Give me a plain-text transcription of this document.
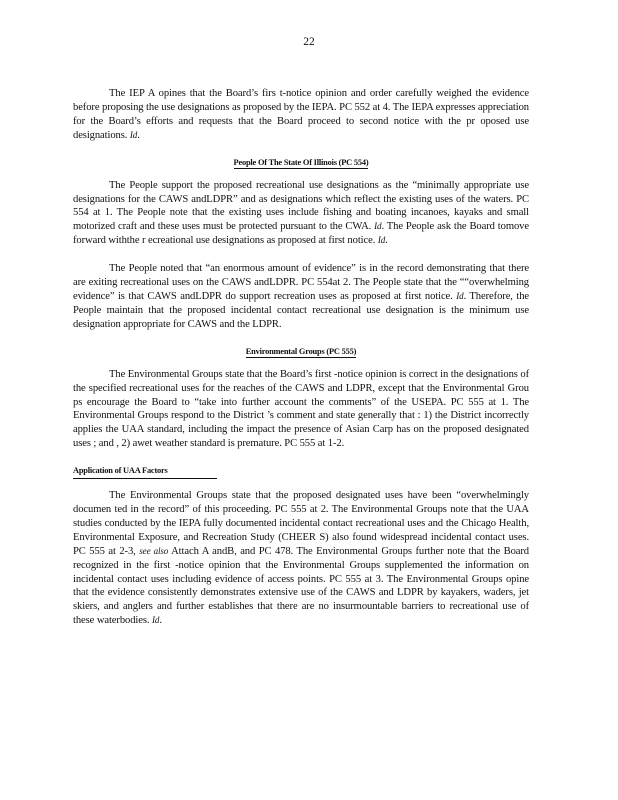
22

The IEP A opines that the Board’s firs t-notice opinion and order carefully weighed the evidence before proposing the use designations as proposed by the IEPA. PC 552 at 4. The IEPA expresses appreciation for the Board’s efforts and requests that the Board proceed to second notice with the pr oposed use designations. Id.

People Of The State Of Illinois (PC 554)

The People support the proposed recreational use designations as the “minimally appropriate use designations for the CAWS andLDPR” and as designations which reflect the existing uses of the waters. PC 554 at 1. The People note that the existing uses include fishing and boating incanoes, kayaks and small motorized craft and these uses must be protected pursuant to the CWA. Id. The People ask the Board tomove forward withthe r ecreational use designations as proposed at first notice. Id.

The People noted that “an enormous amount of evidence” is in the record demonstrating that there are exiting recreational uses on the CAWS andLDPR. PC 554at 2. The People state that the ““overwhelming evidence” is that CAWS andLDPR do support recreation uses as proposed at first notice. Id. Therefore, the People maintain that the proposed incidental contact recreational use designation is the minimum use designation appropriate for CAWS and the LDPR.

Environmental Groups (PC 555)

The Environmental Groups state that the Board’s first -notice opinion is correct in the designations of the specified recreational uses for the reaches of the CAWS and LDPR, except that the Environmental Grou ps encourage the Board to “take into further account the comments” of the USEPA. PC 555 at 1. The Environmental Groups respond to the District ’s comment and state generally that : 1) the District incorrectly applies the UAA standard, including the impact the presence of Asian Carp has on the proposed designated uses ; and , 2) awet weather standard is premature. PC 555 at 1-2.

Application of UAA Factors

The Environmental Groups state that the proposed designated uses have been “overwhelmingly documen ted in the record” of this proceeding. PC 555 at 2. The Environmental Groups note that the UAA studies conducted by the IEPA fully documented incidental contact recreational uses and the Chicago Health, Environmental Exposure, and Recreation Study (CHEER S) also found widespread incidental contact uses. PC 555 at 2-3, see also Attach A andB, and PC 478. The Environmental Groups further note that the Board recognized in the first -notice opinion that the Environmental Groups supplemented the information on incidental contact uses including evidence of access points. PC 555 at 3. The Environmental Groups opine that the evidence consistently demonstrates extensive use of the CAWS and LDPR by kayakers, waders, jet skiers, and anglers and further establishes that there are no insurmountable barriers to recreational use of these waterbodies. Id.
